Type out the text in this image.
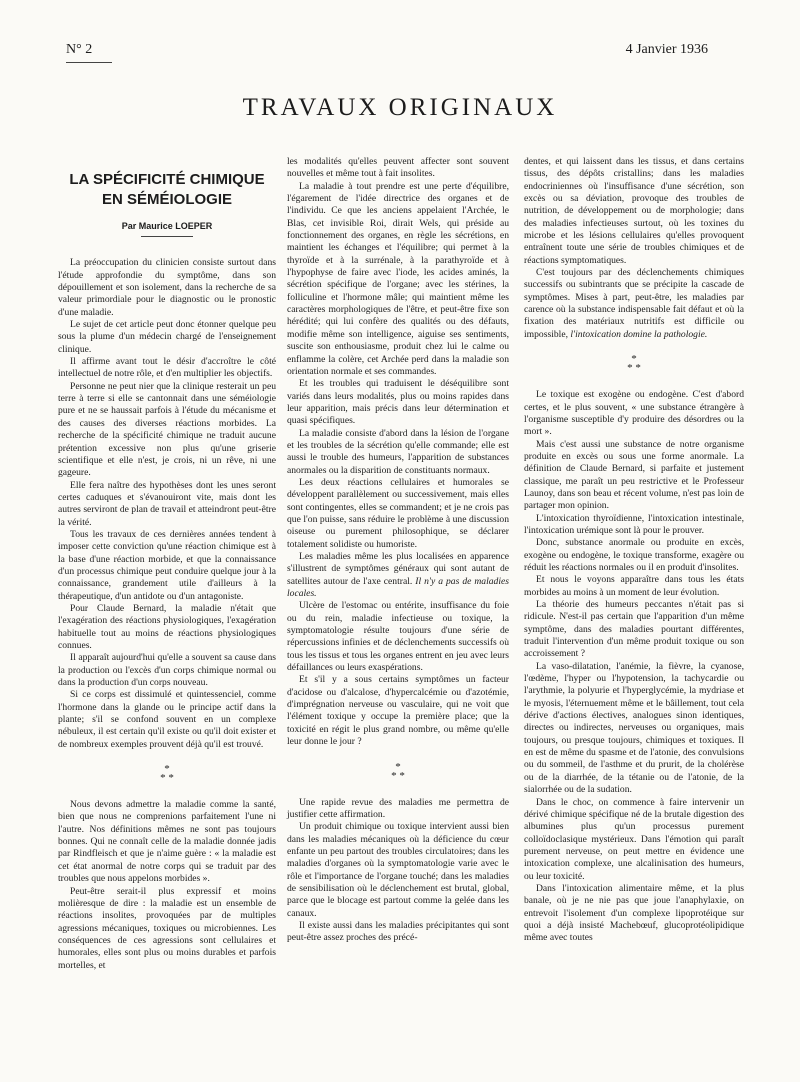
N° 2	4 Janvier 1936
TRAVAUX ORIGINAUX
LA SPÉCIFICITÉ CHIMIQUE
EN SÉMÉIOLOGIE
Par Maurice LOEPER

La préoccupation du clinicien consiste surtout dans l'étude approfondie du symptôme, dans son dépouillement et son isolement, dans la recherche de sa valeur primordiale pour le diagnostic ou le pronostic d'une maladie.

Le sujet de cet article peut donc étonner quelque peu sous la plume d'un médecin chargé de l'enseignement clinique.

Il affirme avant tout le désir d'accroître le côté intellectuel de notre rôle, et d'en multiplier les objectifs.

Personne ne peut nier que la clinique resterait un peu terre à terre si elle se cantonnait dans une séméiologie pure et ne se haussait parfois à l'étude du mécanisme et des causes des diverses réactions morbides. La recherche de la spécificité chimique ne traduit aucune prétention excessive non plus qu'une griserie scientifique et elle n'est, je crois, ni un rêve, ni une gageure.

Elle fera naître des hypothèses dont les unes seront certes caduques et s'évanouiront vite, mais dont les autres serviront de plan de travail et atteindront peut-être la vérité.

Tous les travaux de ces dernières années tendent à imposer cette conviction qu'une réaction chimique est à la base d'une réaction morbide, et que la connaissance d'un processus chimique peut conduire quelque jour à la connaissance, grandement utile d'ailleurs à la thérapeutique, d'un antidote ou d'un antagoniste.

Pour Claude Bernard, la maladie n'était que l'exagération des réactions physiologiques, l'exagération habituelle tout au moins de réactions physiologiques connues.

Il apparaît aujourd'hui qu'elle a souvent sa cause dans la production ou l'excès d'un corps chimique normal ou dans la production d'un corps nouveau.

Si ce corps est dissimulé et quintessenciel, comme l'hormone dans la glande ou le principe actif dans la plante; s'il se confond souvent en un complexe nébuleux, il est certain qu'il existe ou qu'il doit exister et de nombreux exemples prouvent déjà qu'il est trouvé.

*
* *

Nous devons admettre la maladie comme la santé, bien que nous ne comprenions parfaitement l'une ni l'autre. Nos définitions mêmes ne sont pas toujours bonnes. Qui ne connaît celle de la maladie donnée jadis par Rindfleisch et que je n'aime guère : « la maladie est cet état anormal de notre corps qui se traduit par des troubles que nous appelons morbides ».

Peut-être serait-il plus expressif et moins molièresque de dire : la maladie est un ensemble de réactions insolites, provoquées par de multiples agressions mécaniques, toxiques ou microbiennes. Les conséquences de ces agressions sont cellulaires et humorales, elles sont plus ou moins durables et parfois mortelles, et

les modalités qu'elles peuvent affecter sont souvent nouvelles et même tout à fait insolites.

La maladie à tout prendre est une perte d'équilibre, l'égarement de l'idée directrice des organes et de l'individu. Ce que les anciens appelaient l'Archée, le Blas, cet invisible Roi, dirait Wels, qui préside au fonctionnement des organes, en règle les sécrétions, en maintient les échanges et l'équilibre; qui permet à la thyroïde et à la surrénale, à la parathyroïde et à l'hypophyse de faire avec l'iode, les acides aminés, la sécrétion spécifique de l'organe; avec les stérines, la folliculine et l'hormone mâle; qui maintient même les caractères morphologiques de l'être, et peut-être fixe son hérédité; qui lui confère des qualités ou des défauts, modifie même son intelligence, aiguise ses sentiments, suscite son enthousiasme, produit chez lui le calme ou enflamme la colère, cet Archée perd dans la maladie son orientation normale et ses commandes.

Et les troubles qui traduisent le déséquilibre sont variés dans leurs modalités, plus ou moins rapides dans leur apparition, mais précis dans leur détermination et quasi spécifiques.

La maladie consiste d'abord dans la lésion de l'organe et les troubles de la sécrétion qu'elle commande; elle est aussi le trouble des humeurs, l'apparition de substances anormales ou la disparition de constituants normaux.

Les deux réactions cellulaires et humorales se développent parallèlement ou successivement, mais elles sont contingentes, elles se commandent; et je ne crois pas que l'on puisse, sans réduire le problème à une discussion oiseuse ou purement philosophique, se déclarer totalement solidiste ou humoriste.

Les maladies même les plus localisées en apparence s'illustrent de symptômes généraux qui sont autant de satellites autour de l'axe central. Il n'y a pas de maladies locales.

Ulcère de l'estomac ou entérite, insuffisance du foie ou du rein, maladie infectieuse ou toxique, la symptomatologie résulte toujours d'une série de répercussions infinies et de déclenchements successifs où tous les tissus et tous les organes entrent en jeu avec leurs défaillances ou leurs exaspérations.

Et s'il y a sous certains symptômes un facteur d'acidose ou d'alcalose, d'hypercalcémie ou d'azotémie, d'imprégnation nerveuse ou vasculaire, qui ne voit que l'élément toxique y occupe la première place; que la toxicité en régit le plus grand nombre, ou même qu'elle leur donne le jour ?

*
* *

Une rapide revue des maladies me permettra de justifier cette affirmation.

Un produit chimique ou toxique intervient aussi bien dans les maladies mécaniques où la déficience du cœur enfante un peu partout des troubles circulatoires; dans les maladies d'organes où la symptomatologie varie avec le rôle et l'importance de l'organe touché; dans les maladies de sensibilisation où le déclenchement est brutal, global, parce que le blocage est partout comme la gelée dans les canaux.

Il existe aussi dans les maladies précipitantes qui sont peut-être assez proches des précé-

dentes, et qui laissent dans les tissus, et dans certains tissus, des dépôts cristallins; dans les maladies endocriniennes où l'insuffisance d'une sécrétion, son excès ou sa déviation, provoque des troubles de nutrition, de développement ou de morphologie; dans des maladies infectieuses surtout, où les toxines du microbe et les lésions cellulaires qu'elles provoquent entraînent toute une série de troubles chimiques et de réactions symptomatiques.

C'est toujours par des déclenchements chimiques successifs ou subintrants que se précipite la cascade de symptômes. Mises à part, peut-être, les maladies par carence où la substance indispensable fait défaut et où la fixation des matériaux nutritifs est difficile ou impossible, l'intoxication domine la pathologie.

*
* *

Le toxique est exogène ou endogène. C'est d'abord certes, et le plus souvent, « une substance étrangère à l'organisme susceptible d'y produire des désordres ou la mort ».

Mais c'est aussi une substance de notre organisme produite en excès ou sous une forme anormale. La définition de Claude Bernard, si parfaite et justement classique, me paraît un peu restrictive et le Professeur Launoy, dans son beau et récent volume, n'est pas loin de partager mon opinion.

L'intoxication thyroïdienne, l'intoxication intestinale, l'intoxication urémique sont là pour le prouver.

Donc, substance anormale ou produite en excès, exogène ou endogène, le toxique transforme, exagère ou réduit les réactions normales ou il en produit d'insolites.

Et nous le voyons apparaître dans tous les états morbides au moins à un moment de leur évolution.

La théorie des humeurs peccantes n'était pas si ridicule. N'est-il pas certain que l'apparition d'un même symptôme, dans des maladies pourtant différentes, traduit l'intervention d'un même produit toxique ou son accroissement ?

La vaso-dilatation, l'anémie, la fièvre, la cyanose, l'œdème, l'hyper ou l'hypotension, la tachycardie ou l'arythmie, la polyurie et l'hyperglycémie, la mydriase et le myosis, l'éternuement même et le bâillement, tout cela dérive d'actions électives, analogues sinon identiques, directes ou indirectes, nerveuses ou organiques, mais toujours, ou presque toujours, chimiques et toxiques. Il en est de même du spasme et de l'atonie, des convulsions ou du sommeil, de l'asthme et du prurit, de la cholérèse ou de la diarrhée, de la tétanie ou de l'atonie, de la sialorrhée ou de la sudation.

Dans le choc, on commence à faire intervenir un dérivé chimique spécifique né de la brutale digestion des albumines plus qu'un processus purement colloïdoclasique mystérieux. Dans l'émotion qui paraît purement nerveuse, on peut mettre en évidence une intoxication complexe, une alcalinisation des humeurs, ou leur toxicité.

Dans l'intoxication alimentaire même, et la plus banale, où je ne nie pas que joue l'anaphylaxie, on entrevoit l'isolement d'un complexe lipoprotéique sur quoi a déjà insisté Machebœuf, glucoprotéolipidique même avec toutes
